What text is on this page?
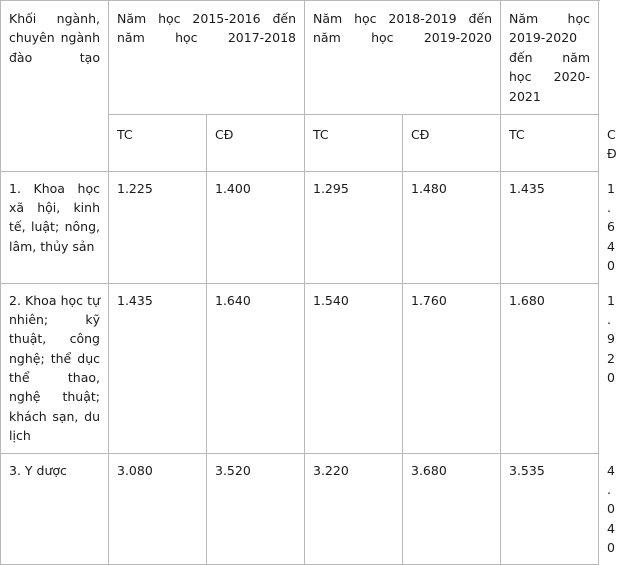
Khối ngành, chuyên ngành đào tạo	Năm học 2015-2016 đến năm học 2017-2018		Năm học 2018-2019 đến năm học 2019-2020		Năm học 2019-2020 đến năm học 2020-2021	

	TC	CĐ	TC	CĐ	TC	CĐ

1. Khoa học xã hội, kinh tế, luật; nông, lâm, thủy sản	1.225	1.400	1.295	1.480	1.435	1.640

2. Khoa học tự nhiên; kỹ thuật, công nghệ; thể dục thể thao, nghệ thuật; khách sạn, du lịch	1.435	1.640	1.540	1.760	1.680	1.920

3. Y dược	3.080	3.520	3.220	3.680	3.535	4.040
